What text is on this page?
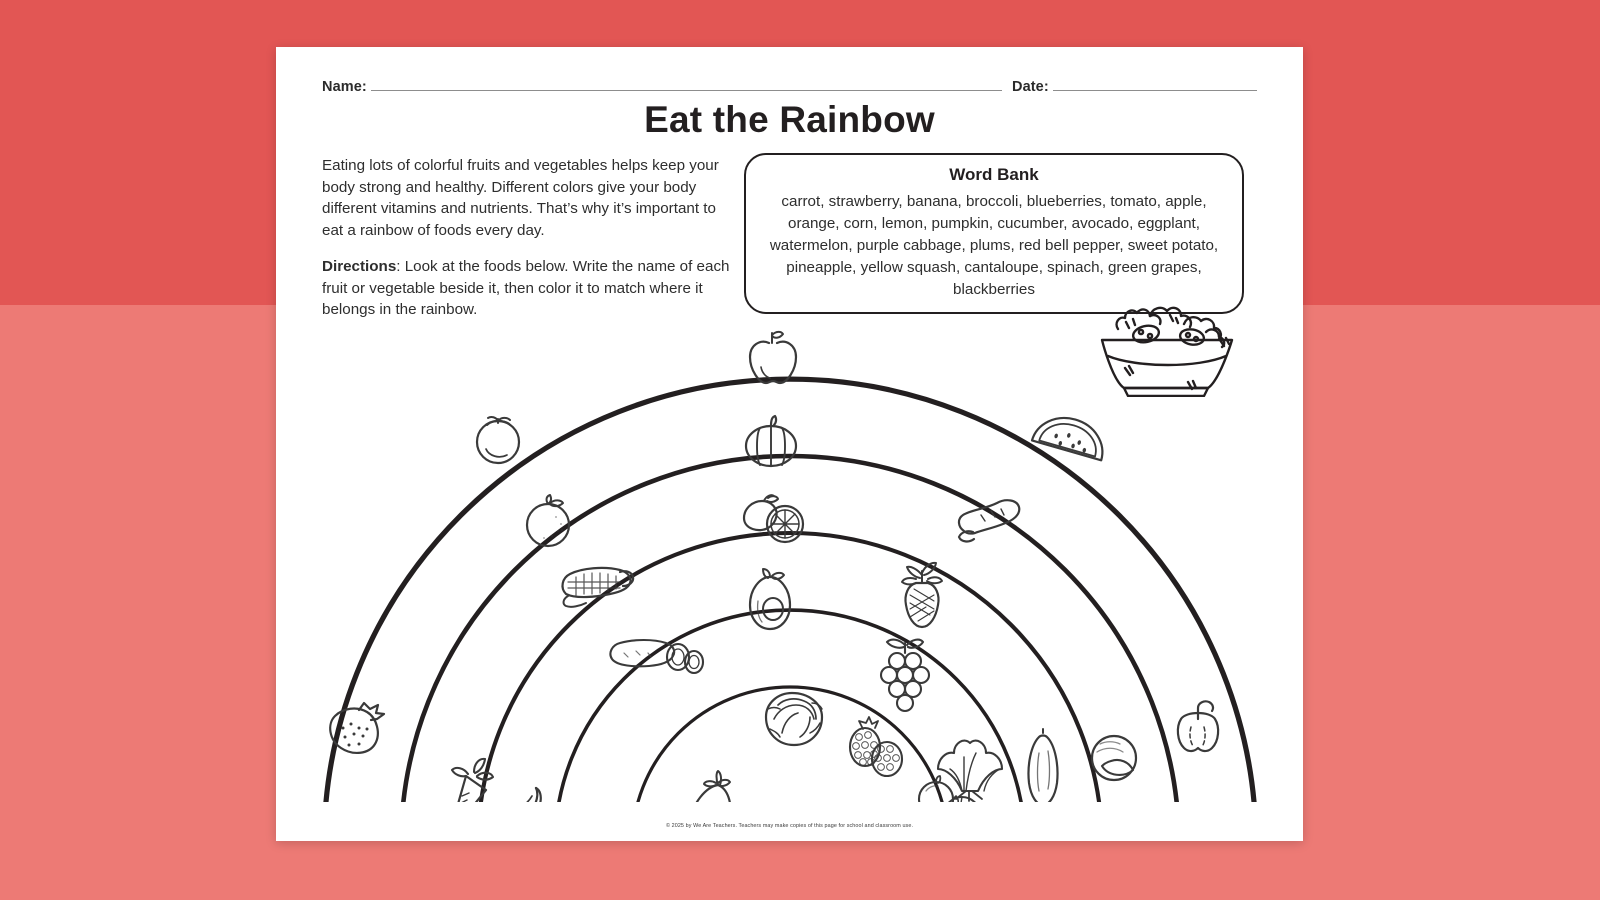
Name:	Date:
Eat the Rainbow

Eating lots of colorful fruits and vegetables helps keep your body strong and healthy. Different colors give your body different vitamins and nutrients. That’s why it’s important to eat a rainbow of foods every day.

Directions: Look at the foods below. Write the name of each fruit or vegetable beside it, then color it to match where it belongs in the rainbow.

Word Bank
carrot, strawberry, banana, broccoli, blueberries, tomato, apple, orange, corn, lemon, pumpkin, cucumber, avocado, eggplant, watermelon, purple cabbage, plums, red bell pepper, sweet potato, pineapple, yellow squash, cantaloupe, spinach, green grapes, blackberries
© 2025 by We Are Teachers. Teachers may make copies of this page for school and classroom use.
